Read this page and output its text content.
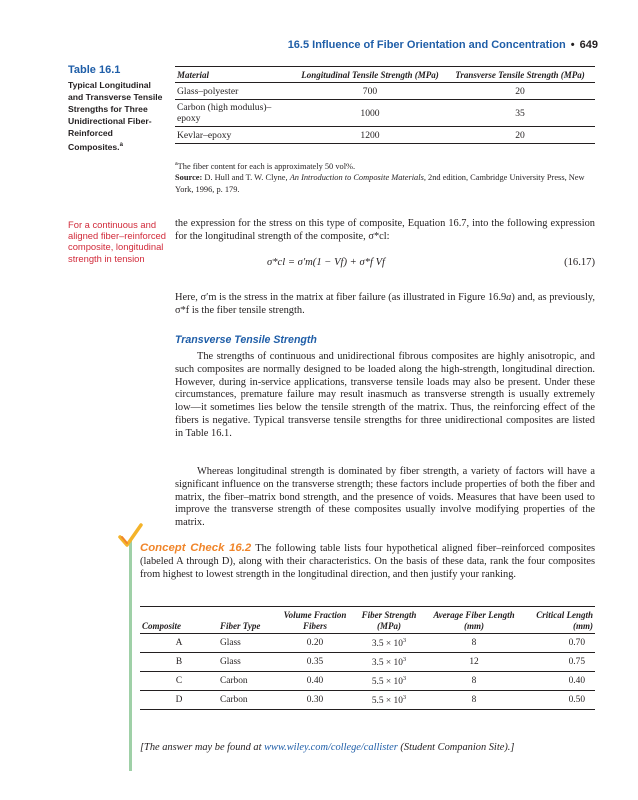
16.5 Influence of Fiber Orientation and Concentration • 649
Table 16.1
Typical Longitudinal and Transverse Tensile Strengths for Three Unidirectional Fiber-Reinforced Composites.$^a$
Material	Longitudinal Tensile Strength (MPa)	Transverse Tensile Strength (MPa)
Glass–polyester	700	20
Carbon (high modulus)–epoxy	1000	35
Kevlar–epoxy	1200	20
$^a$The fiber content for each is approximately 50 vol%.
Source: D. Hull and T. W. Clyne, An Introduction to Composite Materials, 2nd edition, Cambridge University Press, New York, 1996, p. 179.
For a continuous and aligned fiber–reinforced composite, longitudinal strength in tension
the expression for the stress on this type of composite, Equation 16.7, into the following expression for the longitudinal strength of the composite, σ*cl:
σ*cl = σ′m(1 − Vf) + σ*f Vf	(16.17)
Here, σ′m is the stress in the matrix at fiber failure (as illustrated in Figure 16.9a) and, as previously, σ*f is the fiber tensile strength.
Transverse Tensile Strength
The strengths of continuous and unidirectional fibrous composites are highly anisotropic, and such composites are normally designed to be loaded along the high-strength, longitudinal direction. However, during in-service applications, transverse tensile loads may also be present. Under these circumstances, premature failure may result inasmuch as transverse strength is usually extremely low—it sometimes lies below the tensile strength of the matrix. Thus, the reinforcing effect of the fibers is negative. Typical transverse tensile strengths for three unidirectional composites are listed in Table 16.1.
Whereas longitudinal strength is dominated by fiber strength, a variety of factors will have a significant influence on the transverse strength; these factors include properties of both the fiber and matrix, the fiber–matrix bond strength, and the presence of voids. Measures that have been used to improve the transverse strength of these composites usually involve modifying properties of the matrix.
Concept Check 16.2 The following table lists four hypothetical aligned fiber–reinforced composites (labeled A through D), along with their characteristics. On the basis of these data, rank the four composites from highest to lowest strength in the longitudinal direction, and then justify your ranking.
Composite	Fiber Type	Volume Fraction Fibers	Fiber Strength (MPa)	Average Fiber Length (mm)	Critical Length (mm)
A	Glass	0.20	$3.5 \times 10^3$	8	0.70
B	Glass	0.35	$3.5 \times 10^3$	12	0.75
C	Carbon	0.40	$5.5 \times 10^3$	8	0.40
D	Carbon	0.30	$5.5 \times 10^3$	8	0.50
[The answer may be found at www.wiley.com/college/callister (Student Companion Site).]
